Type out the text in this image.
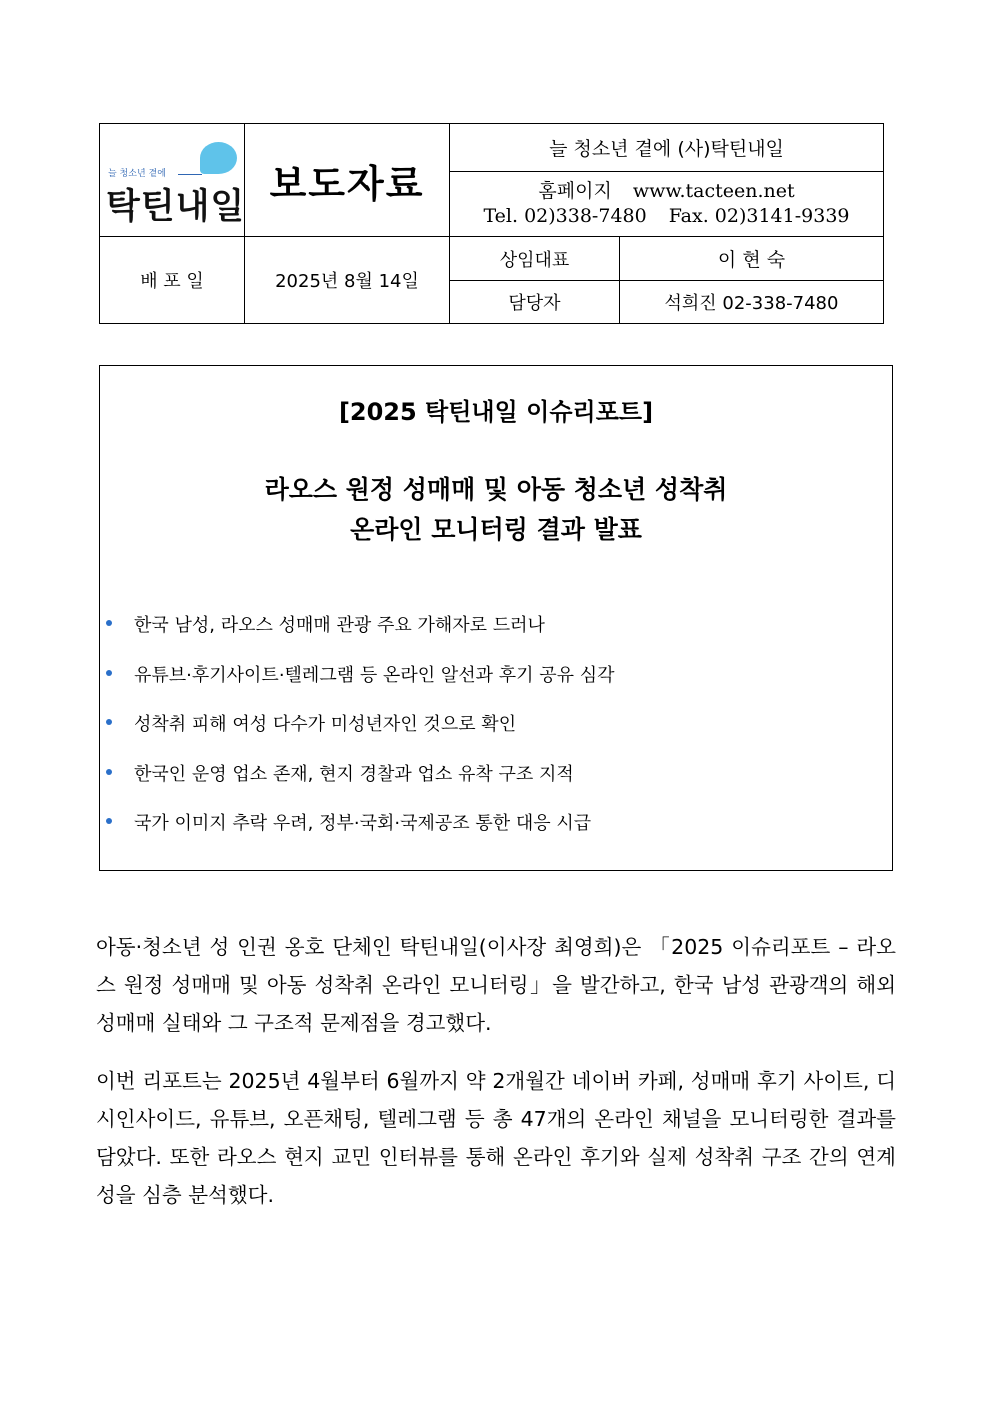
늘 청소년 곁에
탁틴내일
보도자료
늘 청소년 곁에 (사)탁틴내일
홈페이지 www.tacteen.net
Tel. 02)338-7480 Fax. 02)3141-9339
배 포 일	2025년 8월 14일
상임대표	이 현 숙
담당자	석희진 02-338-7480
[2025 탁틴내일 이슈리포트]
라오스 원정 성매매 및 아동 청소년 성착취
온라인 모니터링 결과 발표
한국 남성, 라오스 성매매 관광 주요 가해자로 드러나
유튜브·후기사이트·텔레그램 등 온라인 알선과 후기 공유 심각
성착취 피해 여성 다수가 미성년자인 것으로 확인
한국인 운영 업소 존재, 현지 경찰과 업소 유착 구조 지적
국가 이미지 추락 우려, 정부·국회·국제공조 통한 대응 시급

아동·청소년 성 인권 옹호 단체인 탁틴내일(이사장 최영희)은 「2025 이슈리포트 – 라오스 원정 성매매 및 아동 성착취 온라인 모니터링」을 발간하고, 한국 남성 관광객의 해외 성매매 실태와 그 구조적 문제점을 경고했다.

이번 리포트는 2025년 4월부터 6월까지 약 2개월간 네이버 카페, 성매매 후기 사이트, 디시인사이드, 유튜브, 오픈채팅, 텔레그램 등 총 47개의 온라인 채널을 모니터링한 결과를 담았다. 또한 라오스 현지 교민 인터뷰를 통해 온라인 후기와 실제 성착취 구조 간의 연계성을 심층 분석했다.
